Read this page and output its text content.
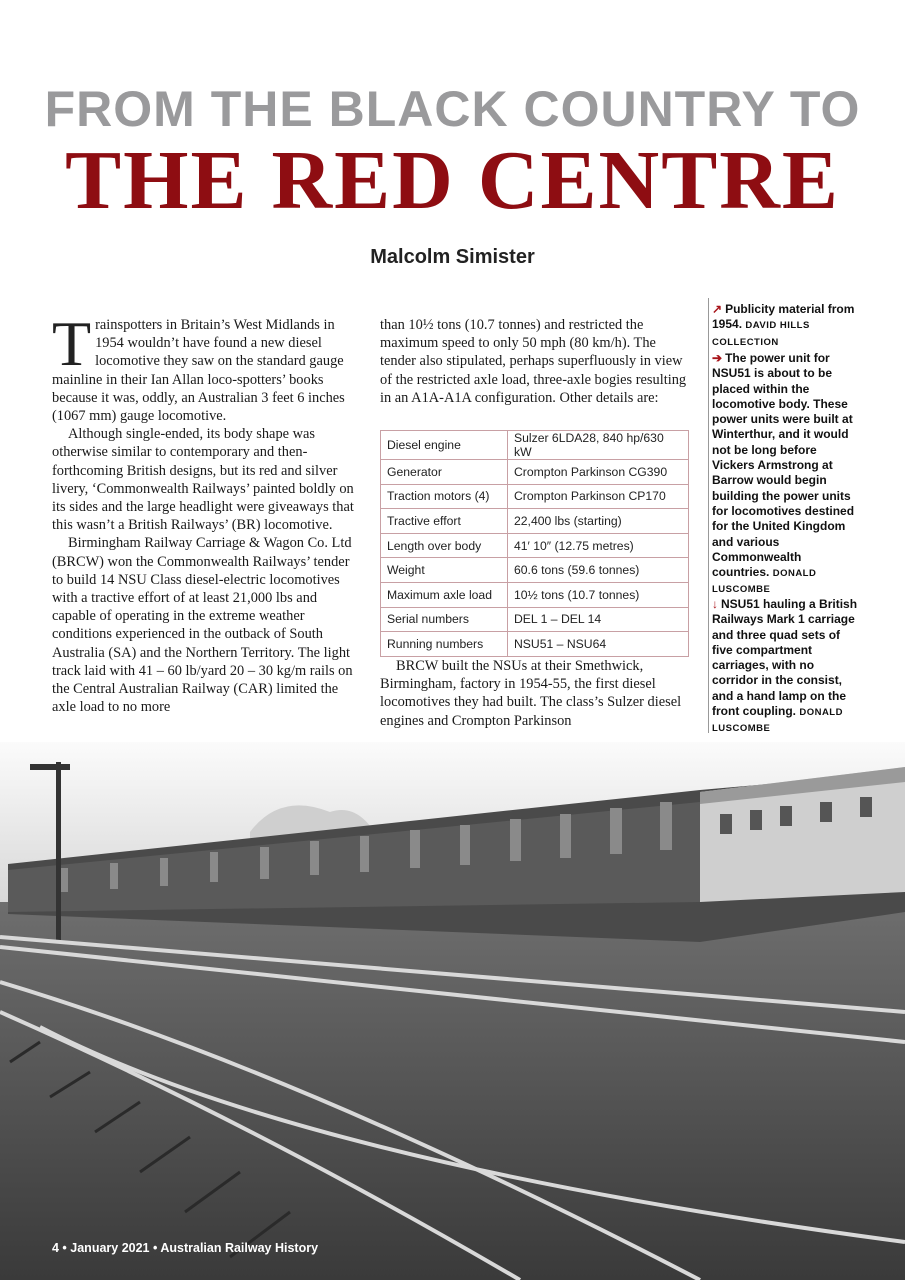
FROM THE BLACK COUNTRY TO
THE RED CENTRE
Malcolm Simister

Trainspotters in Britain’s West Midlands in 1954 wouldn’t have found a new diesel locomotive they saw on the standard gauge mainline in their Ian Allan loco-spotters’ books because it was, oddly, an Australian 3 feet 6 inches (1067 mm) gauge locomotive.

Although single-ended, its body shape was otherwise similar to contemporary and then-forthcoming British designs, but its red and silver livery, ‘Commonwealth Railways’ painted boldly on its sides and the large headlight were giveaways that this wasn’t a British Railways’ (BR) locomotive.

Birmingham Railway Carriage & Wagon Co. Ltd (BRCW) won the Commonwealth Railways’ tender to build 14 NSU Class diesel-electric locomotives with a tractive effort of at least 21,000 lbs and capable of operating in the extreme weather conditions experienced in the outback of South Australia (SA) and the Northern Territory. The light track laid with 41 – 60 lb/yard 20 – 30 kg/m rails on the Central Australian Railway (CAR) limited the axle load to no more

than 10½ tons (10.7 tonnes) and restricted the maximum speed to only 50 mph (80 km/h). The tender also stipulated, perhaps superfluously in view of the restricted axle load, three-axle bogies resulting in an A1A-A1A configuration. Other details are:

BRCW built the NSUs at their Smethwick, Birmingham, factory in 1954-55, the first diesel locomotives they had built. The class’s Sulzer diesel engines and Crompton Parkinson

Diesel engine	Sulzer 6LDA28, 840 hp/630 kW
Generator	Crompton Parkinson CG390
Traction motors (4)	Crompton Parkinson CP170
Tractive effort	22,400 lbs (starting)
Length over body	41′ 10″ (12.75 metres)
Weight	60.6 tons (59.6 tonnes)
Maximum axle load	10½ tons (10.7 tonnes)
Serial numbers	DEL 1 – DEL 14
Running numbers	NSU51 – NSU64
↗ Publicity material from 1954. DAVID HILLS COLLECTION
➔ The power unit for NSU51 is about to be placed within the locomotive body. These power units were built at Winterthur, and it would not be long before Vickers Armstrong at Barrow would begin building the power units for locomotives destined for the United Kingdom and various Commonwealth countries. DONALD LUSCOMBE
↓ NSU51 hauling a British Railways Mark 1 carriage and three quad sets of five compartment carriages, with no corridor in the consist, and a hand lamp on the front coupling. DONALD LUSCOMBE
4 • January 2021 • Australian Railway History
